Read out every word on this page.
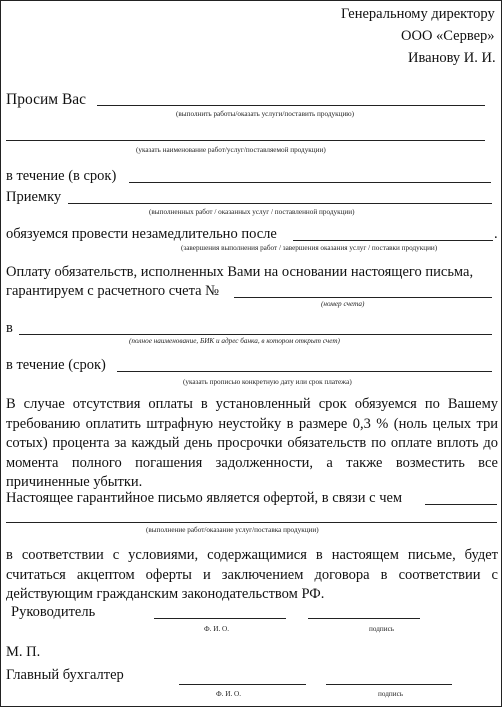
Генеральному директору
ООО «Сервер»
Иванову И. И.
Просим Вас
(выполнить работы/оказать услуги/поставить продукцию)
(указать наименование работ/услуг/поставляемой продукции)
в течение (в срок)
Приемку
(выполненных работ / оказанных услуг / поставленной продукции)
обязуемся провести незамедлительно после	.
(завершения выполнения работ / завершения оказания услуг / поставки продукции)
Оплату обязательств, исполненных Вами на основании настоящего письма,
гарантируем с расчетного счета №
(номер счета)
в
(полное наименование, БИК и адрес банка, в котором открыт счет)
в течение (срок)
(указать прописью конкретную дату или срок платежа)
В случае отсутствия оплаты в установленный срок обязуемся по Вашему требованию оплатить штрафную неустойку в размере 0,3 % (ноль целых три сотых) процента за каждый день просрочки обязательств по оплате вплоть до момента полного погашения задолженности, а также возместить все причиненные убытки.
Настоящее гарантийное письмо является офертой, в связи с чем
(выполнение работ/оказание услуг/поставка продукции)
в соответствии с условиями, содержащимися в настоящем письме, будет считаться акцептом оферты и заключением договора в соответствии с действующим гражданским законодательством РФ.
Руководитель
Ф. И. О.	подпись
М. П.
Главный бухгалтер
Ф. И. О.	подпись
